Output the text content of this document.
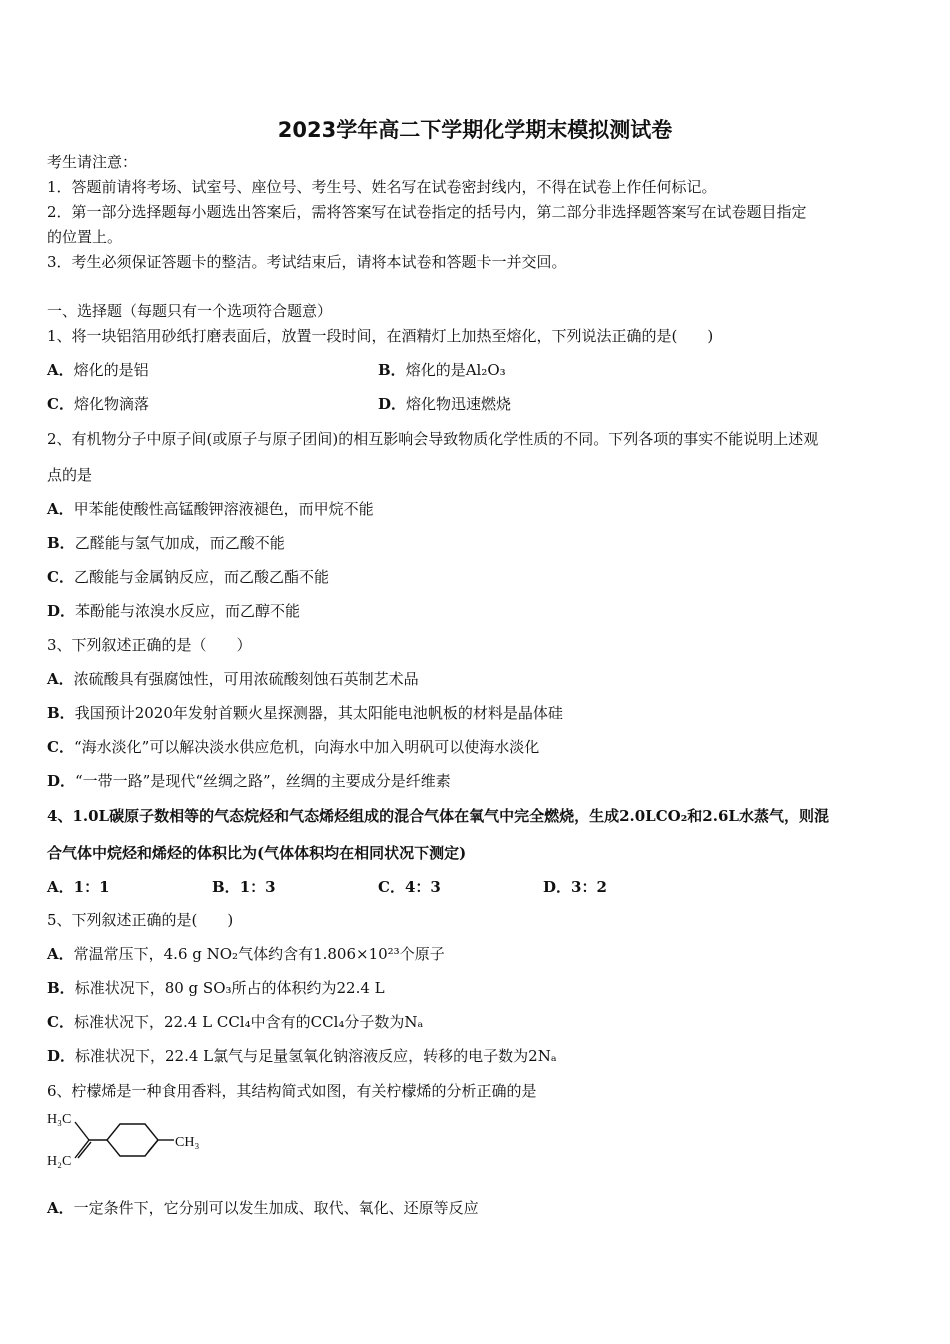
2023学年高二下学期化学期末模拟测试卷
考生请注意：
1．答题前请将考场、试室号、座位号、考生号、姓名写在试卷密封线内，不得在试卷上作任何标记。
2．第一部分选择题每小题选出答案后，需将答案写在试卷指定的括号内，第二部分非选择题答案写在试卷题目指定
的位置上。
3．考生必须保证答题卡的整洁。考试结束后，请将本试卷和答题卡一并交回。
一、选择题（每题只有一个选项符合题意）
1、将一块铝箔用砂纸打磨表面后，放置一段时间，在酒精灯上加热至熔化，下列说法正确的是(　　)
A．熔化的是铝	B．熔化的是Al₂O₃
C．熔化物滴落	D．熔化物迅速燃烧
2、有机物分子中原子间(或原子与原子团间)的相互影响会导致物质化学性质的不同。下列各项的事实不能说明上述观
点的是
A．甲苯能使酸性高锰酸钾溶液褪色，而甲烷不能
B．乙醛能与氢气加成，而乙酸不能
C．乙酸能与金属钠反应，而乙酸乙酯不能
D．苯酚能与浓溴水反应，而乙醇不能
3、下列叙述正确的是（　　）
A．浓硫酸具有强腐蚀性，可用浓硫酸刻蚀石英制艺术品
B．我国预计2020年发射首颗火星探测器，其太阳能电池帆板的材料是晶体硅
C．“海水淡化”可以解决淡水供应危机，向海水中加入明矾可以使海水淡化
D．“一带一路”是现代“丝绸之路”，丝绸的主要成分是纤维素
4、1.0L碳原子数相等的气态烷烃和气态烯烃组成的混合气体在氧气中完全燃烧，生成2.0LCO₂和2.6L水蒸气，则混
合气体中烷烃和烯烃的体积比为(气体体积均在相同状况下测定)
A．1：1	B．1：3	C．4：3	D．3：2
5、下列叙述正确的是(　　)
A．常温常压下，4.6 g NO₂气体约含有1.806×10²³个原子
B．标准状况下，80 g SO₃所占的体积约为22.4 L
C．标准状况下，22.4 L CCl₄中含有的CCl₄分子数为Nₐ
D．标准状况下，22.4 L氯气与足量氢氧化钠溶液反应，转移的电子数为2Nₐ
6、柠檬烯是一种食用香料，其结构简式如图，有关柠檬烯的分析正确的是
H₃C
H₂C
CH₃
A．一定条件下，它分别可以发生加成、取代、氧化、还原等反应
